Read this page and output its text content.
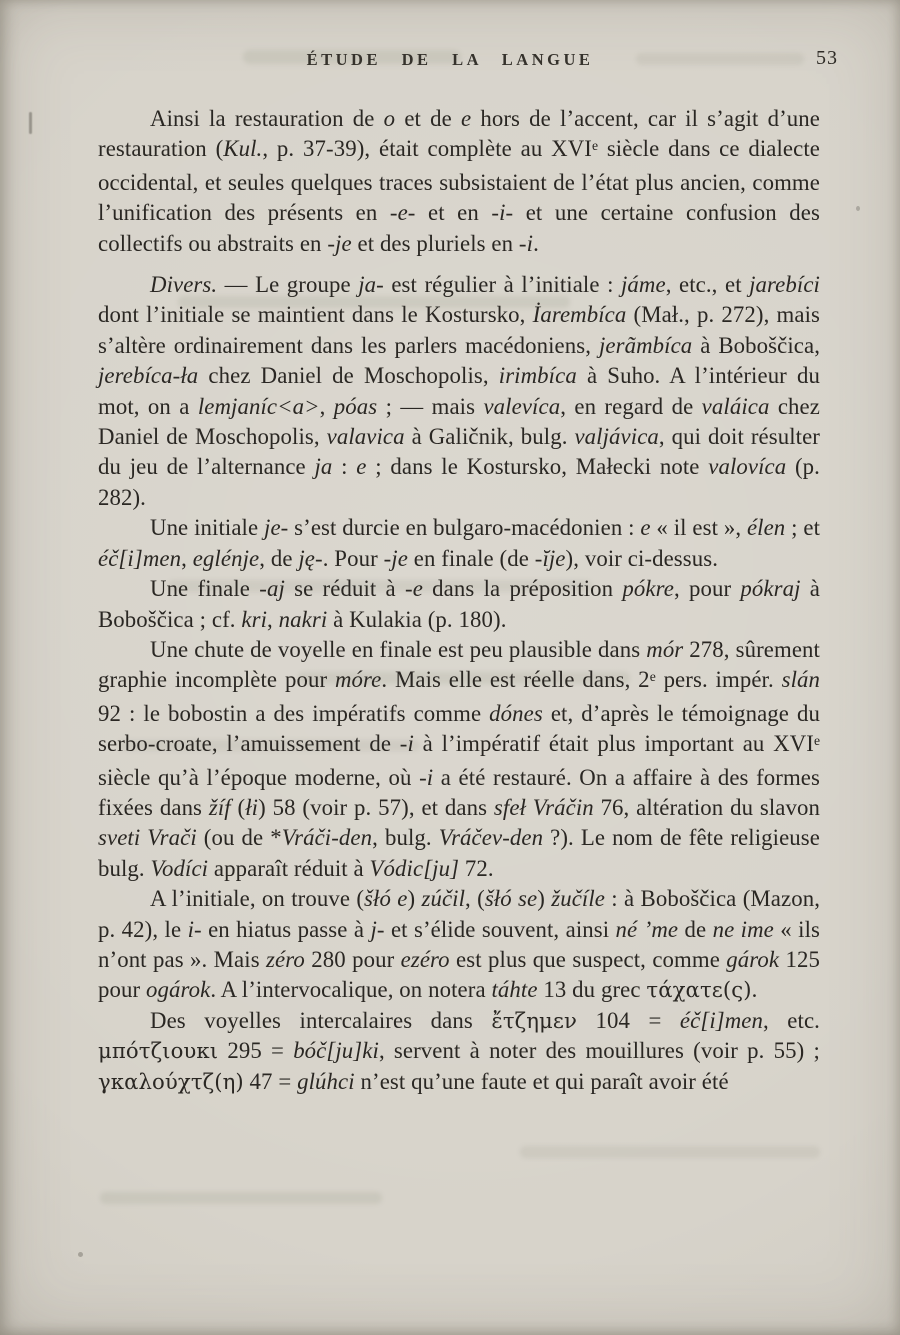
ÉTUDE DE LA LANGUE	53

Ainsi la restauration de o et de e hors de l’accent, car il s’agit d’une restauration (Kul., p. 37-39), était complète au XVIe siècle dans ce dialecte occidental, et seules quelques traces subsistaient de l’état plus ancien, comme l’unification des présents en -e- et en -i- et une certaine confusion des collectifs ou abstraits en -je et des pluriels en -i.

Divers. — Le groupe ja- est régulier à l’initiale : jáme, etc., et jarebíci dont l’initiale se maintient dans le Kostursko, İarembíca (Mał., p. 272), mais s’altère ordinairement dans les parlers macédoniens, jerãmbíca à Boboščica, jerebíca-ła chez Daniel de Moschopolis, irimbíca à Suho. A l’intérieur du mot, on a lemjaníc<a>, póas ; — mais valevíca, en regard de valáica chez Daniel de Moschopolis, valavica à Galičnik, bulg. valjávica, qui doit résulter du jeu de l’alternance ja : e ; dans le Kostursko, Małecki note valovíca (p. 282).

Une initiale je- s’est durcie en bulgaro-macédonien : e « il est », élen ; et éč[i]men, eglénje, de ję-. Pour -je en finale (de -ĭje), voir ci-dessus.

Une finale -aj se réduit à -e dans la préposition pókre, pour pókraj à Boboščica ; cf. kri, nakri à Kulakia (p. 180).

Une chute de voyelle en finale est peu plausible dans mór 278, sûrement graphie incomplète pour móre. Mais elle est réelle dans, 2e pers. impér. slán 92 : le bobostin a des impératifs comme dónes et, d’après le témoignage du serbo-croate, l’amuissement de -i à l’impératif était plus important au XVIe siècle qu’à l’époque moderne, où -i a été restauré. On a affaire à des formes fixées dans žíf (łi) 58 (voir p. 57), et dans sfeł Vráčin 76, altération du slavon sveti Vrači (ou de *Vráči-den, bulg. Vráčev-den ?). Le nom de fête religieuse bulg. Vodíci apparaît réduit à Vódic[ju] 72.

A l’initiale, on trouve (šłó e) zúčil, (šłó se) žučíle : à Boboščica (Mazon, p. 42), le i- en hiatus passe à j- et s’élide souvent, ainsi né ’me de ne ime « ils n’ont pas ». Mais zéro 280 pour ezéro est plus que suspect, comme gárok 125 pour ogárok. A l’intervocalique, on notera táhte 13 du grec τάχατε(ς).

Des voyelles intercalaires dans ἔτζημεν 104 = éč[i]men, etc. μπότζιουκι 295 = bóč[ju]ki, servent à noter des mouillures (voir p. 55) ; γκαλούχτζ(η) 47 = glúhci n’est qu’une faute et qui paraît avoir été
